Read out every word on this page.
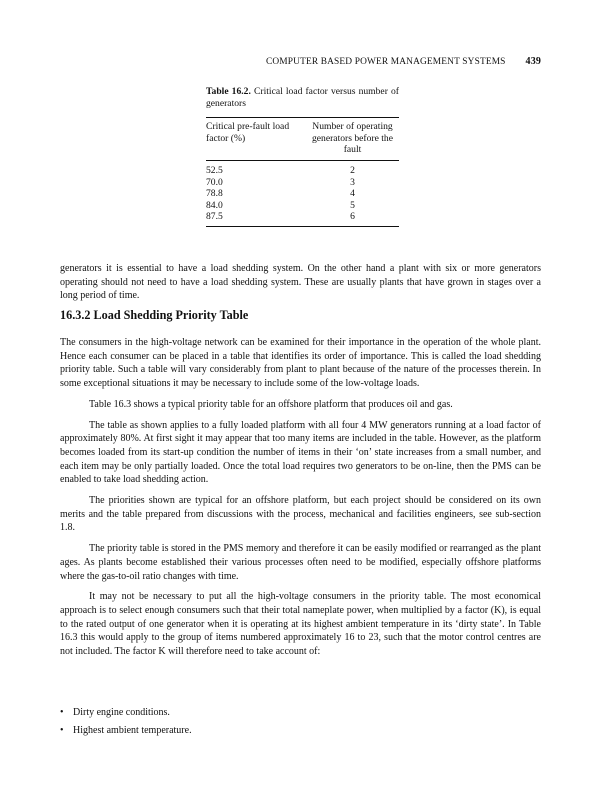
COMPUTER BASED POWER MANAGEMENT SYSTEMS 439
Table 16.2. Critical load factor versus number of generators
Critical pre-fault load factor (%)
Number of operating generators before the fault
52.5	2
70.0	3
78.8	4
84.0	5
87.5	6

generators it is essential to have a load shedding system. On the other hand a plant with six or more generators operating should not need to have a load shedding system. These are usually plants that have grown in stages over a long period of time.

16.3.2 Load Shedding Priority Table

The consumers in the high-voltage network can be examined for their importance in the operation of the whole plant. Hence each consumer can be placed in a table that identifies its order of importance. This is called the load shedding priority table. Such a table will vary considerably from plant to plant because of the nature of the processes therein. In some exceptional situations it may be necessary to include some of the low-voltage loads.

Table 16.3 shows a typical priority table for an offshore platform that produces oil and gas.

The table as shown applies to a fully loaded platform with all four 4 MW generators running at a load factor of approximately 80%. At first sight it may appear that too many items are included in the table. However, as the platform becomes loaded from its start-up condition the number of items in their ‘on’ state increases from a small number, and each item may be only partially loaded. Once the total load requires two generators to be on-line, then the PMS can be enabled to take load shedding action.

The priorities shown are typical for an offshore platform, but each project should be considered on its own merits and the table prepared from discussions with the process, mechanical and facilities engineers, see sub-section 1.8.

The priority table is stored in the PMS memory and therefore it can be easily modified or rearranged as the plant ages. As plants become established their various processes often need to be modified, especially offshore platforms where the gas-to-oil ratio changes with time.

It may not be necessary to put all the high-voltage consumers in the priority table. The most economical approach is to select enough consumers such that their total nameplate power, when multiplied by a factor (K), is equal to the rated output of one generator when it is operating at its highest ambient temperature in its ‘dirty state’. In Table 16.3 this would apply to the group of items numbered approximately 16 to 23, such that the motor control centres are not included. The factor K will therefore need to take account of:

• Dirty engine conditions.
• Highest ambient temperature.
